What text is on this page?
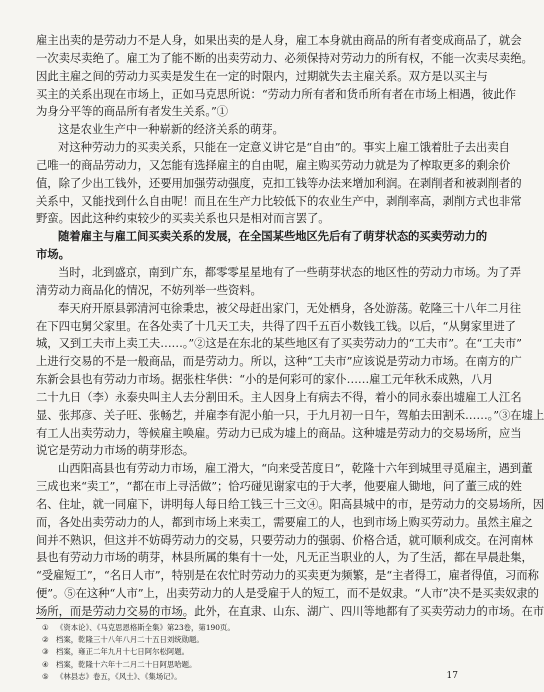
雇主出卖的是劳动力不是人身，如果出卖的是人身，雇工本身就由商品的所有者变成商品了，就会
一次卖尽卖绝了。雇工为了能不断的出卖劳动力、必须保持对劳动力的所有权，不能一次卖尽卖绝。
因此主雇之间的劳动力买卖是发生在一定的时限内，过期就失去主雇关系。双方是以买主与
买主的关系出现在市场上，正如马克思所说：“劳动力所有者和货币所有者在市场上相遇，彼此作
为身分平等的商品所有者发生关系。”①
这是农业生产中一种崭新的经济关系的萌芽。
对这种劳动力的买卖关系，只能在一定意义讲它是“自由”的。事实上雇工饿着肚子去出卖自
己唯一的商品劳动力，又怎能有选择雇主的自由呢，雇主购买劳动力就是为了榨取更多的剩余价
值，除了少出工钱外，还要用加强劳动强度，克扣工钱等办法来增加利润。在剥削者和被剥削者的
关系中，又能找到什么自由呢！而且在生产力比较低下的农业生产中，剥削率高，剥削方式也非常
野蛮。因此这种约束较少的买卖关系也只是相对而言罢了。
随着雇主与雇工间买卖关系的发展，在全国某些地区先后有了萌芽状态的买卖劳动力的
市场。
当时，北到盛京，南到广东，都零零星星地有了一些萌芽状态的地区性的劳动力市场。为了弄
清劳动力商品化的情况，不妨列举一些资料。
奉天府开原县郭清河屯徐秉忠，被父母赶出家门，无处栖身，各处游荡。乾隆三十八年二月往
在下四屯舅父家里。在各处卖了十几天工夫，共得了四千五百小数钱工钱。以后，“从舅家里进了
城，又到工夫市上卖工夫……。”②这是在东北的某些地区有了买卖劳动力的“工夫市”。在“工夫市”
上进行交易的不是一般商品，而是劳动力。所以，这种“工夫市”应该说是劳动力市场。在南方的广
东新会县也有劳动力市场。据张柱华供：“小的是何彩可的家仆……雇工元年秋禾成熟，八月
二十九日（李）永泰央叫主人去分割田禾。主人因身上有病去不得，着小的同永泰出墟雇工人江名
显、张邦彦、关子旺、张畅艺，并雇李有泥小舶一只，于九月初一日午，驾舶去田割禾……。”③在墟上
有工人出卖劳动力，等候雇主唤雇。劳动力已成为墟上的商品。这种墟是劳动力的交易场所，应当
说它是劳动力市场的萌芽形态。
山西阳高县也有劳动力市场，雇工滑大，“向来受苦度日”，乾隆十六年到城里寻觅雇主，遇到董
三成也来“卖工”，“都在市上寻活做”；恰巧碰见谢家屯的于大孝，他要雇人锄地，问了董三成的姓
名、住址，就一同雇下，讲明每人每日给工钱三十三文④。阳高县城中的市，是劳动力的交易场所，因
而，各处出卖劳动力的人，都到市场上来卖工，需要雇工的人，也到市场上购买劳动力。虽然主雇之
间并不熟识，但这并不妨碍劳动力的交易，只要劳动力的强弱、价格合适，就可顺利成交。在河南林
县也有劳动力市场的萌芽，林县所属的集有十一处，凡无正当职业的人，为了生活，都在早晨赴集，
“受雇短工”，“名日人市”，特别是在农忙时劳动力的买卖更为频繁，是“主者得工，雇者得值，习而称
便”。⑤在这种“人市”上，出卖劳动力的人是受雇于人的短工，而不是奴隶。“人市”决不是买卖奴隶的
场所，而是劳动力交易的市场。此外，在直隶、山东、湖广、四川等地都有了买卖劳动力的市场。在市
① 《资本论》、《马克思恩格斯全集》第23卷，第190页。
② 档案，乾隆三十八年八月二十五日刘统勋题。
③ 档案，雍正二年九月十七日阿尔松阿题。
④ 档案，乾隆十六年十二月二十日阿思哈题。
⑤ 《林县志》卷五，《风土》、《集场记》。	17
